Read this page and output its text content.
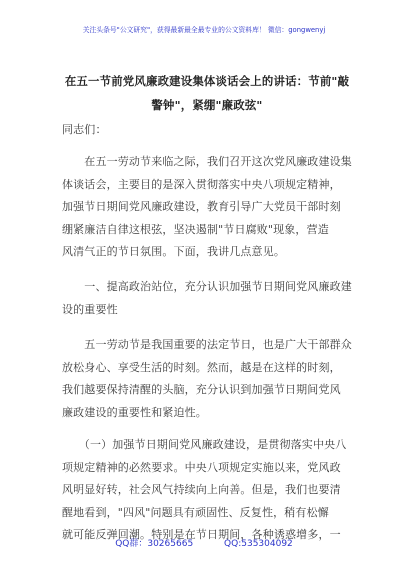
关注头条号"公文研究"，获得最新最全最专业的公文资料库！ 微信：gongwenyj
在五一节前党风廉政建设集体谈话会上的讲话：节前"敲
警钟"，紧绷"廉政弦"
同志们：
　　在五一劳动节来临之际，我们召开这次党风廉政建设集
体谈话会，主要目的是深入贯彻落实中央八项规定精神，
加强节日期间党风廉政建设，教育引导广大党员干部时刻
绷紧廉洁自律这根弦，坚决遏制"节日腐败"现象，营造
风清气正的节日氛围。下面，我讲几点意见。
　　一、提高政治站位，充分认识加强节日期间党风廉政建
设的重要性
　　五一劳动节是我国重要的法定节日，也是广大干部群众
放松身心、享受生活的时刻。然而，越是在这样的时刻，
我们越要保持清醒的头脑，充分认识到加强节日期间党风
廉政建设的重要性和紧迫性。
　　（一）加强节日期间党风廉政建设，是贯彻落实中央八
项规定精神的必然要求。中央八项规定实施以来，党风政
风明显好转，社会风气持续向上向善。但是，我们也要清
醒地看到，"四风"问题具有顽固性、反复性，稍有松懈
就可能反弹回潮。特别是在节日期间，各种诱惑增多，一
QQ群：30265665	QQ:535304092
